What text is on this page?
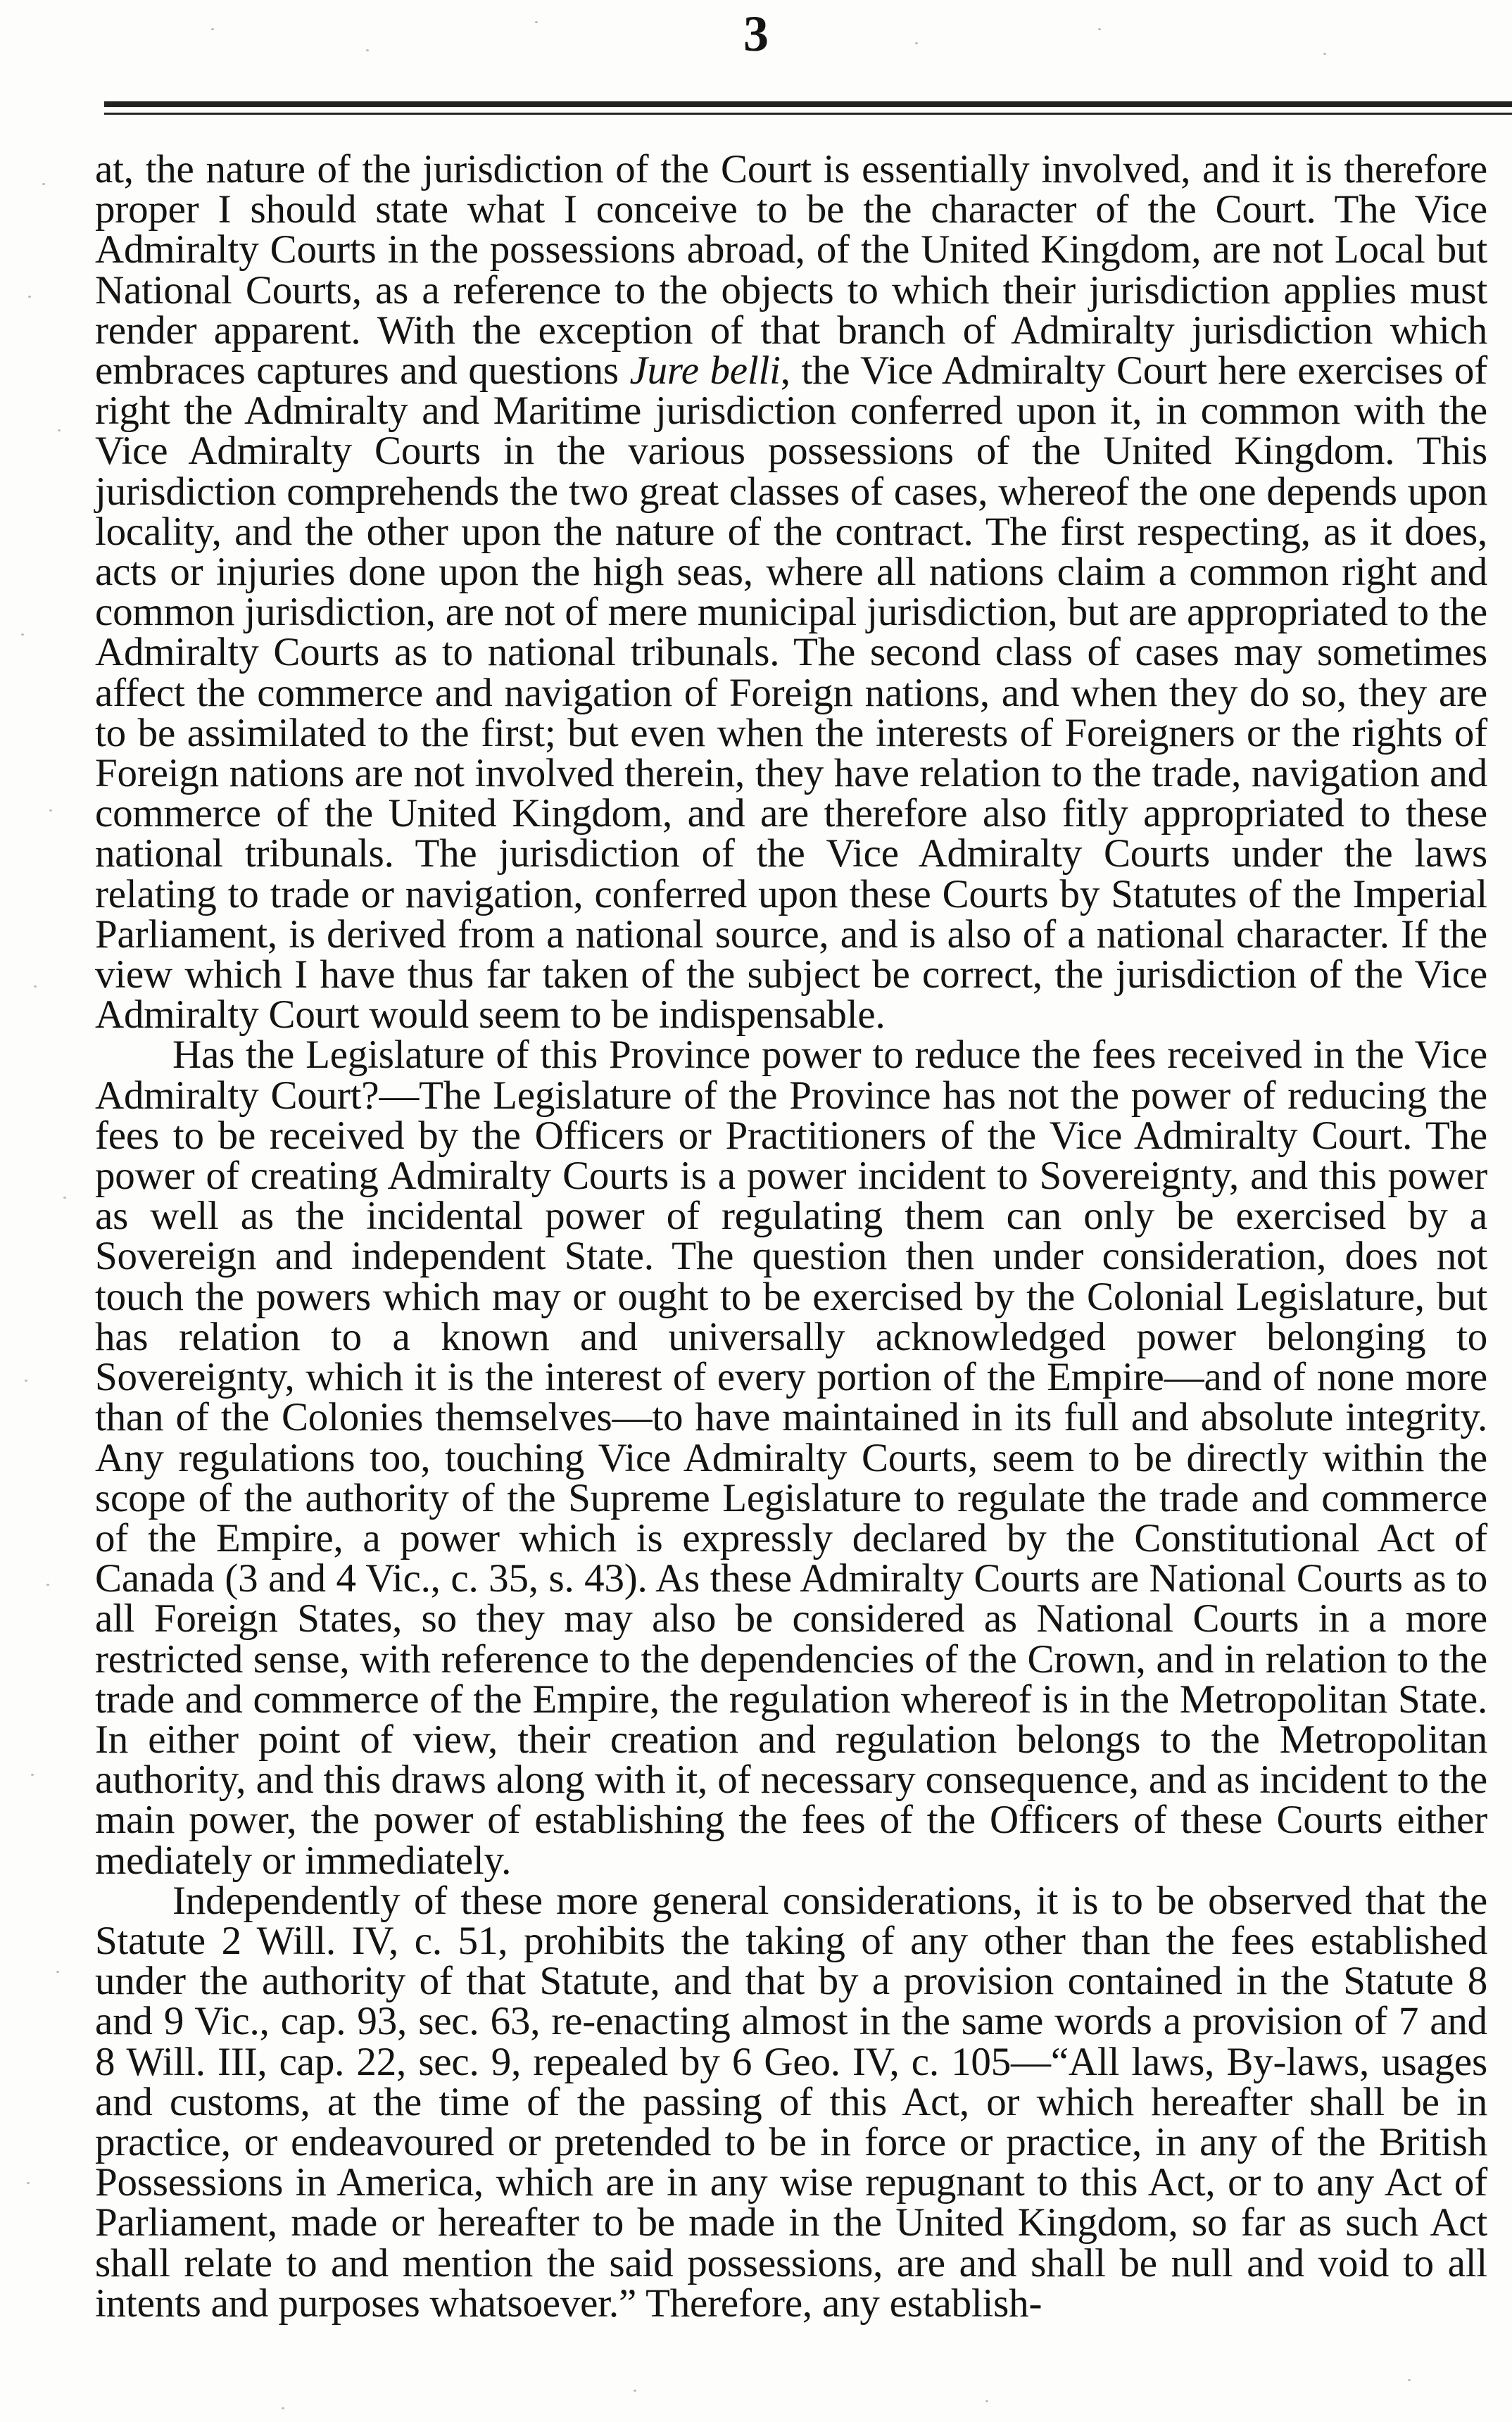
3

at, the nature of the jurisdiction of the Court is essentially involved, and it is therefore proper I should state what I conceive to be the character of the Court. The Vice Admiralty Courts in the possessions abroad, of the United Kingdom, are not Local but National Courts, as a reference to the objects to which their jurisdiction applies must render apparent. With the exception of that branch of Admiralty jurisdiction which embraces captures and questions Jure belli, the Vice Admiralty Court here exercises of right the Admiralty and Maritime jurisdiction conferred upon it, in common with the Vice Admiralty Courts in the various possessions of the United Kingdom. This jurisdiction comprehends the two great classes of cases, whereof the one depends upon locality, and the other upon the nature of the contract. The first respecting, as it does, acts or injuries done upon the high seas, where all nations claim a common right and common jurisdiction, are not of mere municipal jurisdiction, but are appropriated to the Admiralty Courts as to national tribunals. The second class of cases may sometimes affect the commerce and navigation of Foreign nations, and when they do so, they are to be assimilated to the first; but even when the interests of Foreigners or the rights of Foreign nations are not involved therein, they have relation to the trade, navigation and commerce of the United Kingdom, and are therefore also fitly appropriated to these national tribunals. The jurisdiction of the Vice Admiralty Courts under the laws relating to trade or navigation, conferred upon these Courts by Statutes of the Imperial Parliament, is derived from a national source, and is also of a national character. If the view which I have thus far taken of the subject be correct, the jurisdiction of the Vice Admiralty Court would seem to be indispensable.

Has the Legislature of this Province power to reduce the fees received in the Vice Admiralty Court?—The Legislature of the Province has not the power of reducing the fees to be received by the Officers or Practitioners of the Vice Admiralty Court. The power of creating Admiralty Courts is a power incident to Sovereignty, and this power as well as the incidental power of regulating them can only be exercised by a Sovereign and independent State. The question then under consideration, does not touch the powers which may or ought to be exercised by the Colonial Legislature, but has relation to a known and universally acknowledged power belonging to Sovereignty, which it is the interest of every portion of the Empire—and of none more than of the Colonies themselves—to have maintained in its full and absolute integrity. Any regulations too, touching Vice Admiralty Courts, seem to be directly within the scope of the authority of the Supreme Legislature to regulate the trade and commerce of the Empire, a power which is expressly declared by the Constitutional Act of Canada (3 and 4 Vic., c. 35, s. 43). As these Admiralty Courts are National Courts as to all Foreign States, so they may also be considered as National Courts in a more restricted sense, with reference to the dependencies of the Crown, and in relation to the trade and commerce of the Empire, the regulation whereof is in the Metropolitan State. In either point of view, their creation and regulation belongs to the Metropolitan authority, and this draws along with it, of necessary consequence, and as incident to the main power, the power of establishing the fees of the Officers of these Courts either mediately or immediately.

Independently of these more general considerations, it is to be observed that the Statute 2 Will. IV, c. 51, prohibits the taking of any other than the fees established under the authority of that Statute, and that by a provision contained in the Statute 8 and 9 Vic., cap. 93, sec. 63, re-enacting almost in the same words a provision of 7 and 8 Will. III, cap. 22, sec. 9, repealed by 6 Geo. IV, c. 105—“All laws, By-laws, usages and customs, at the time of the passing of this Act, or which hereafter shall be in practice, or endeavoured or pretended to be in force or practice, in any of the British Possessions in America, which are in any wise repugnant to this Act, or to any Act of Parliament, made or hereafter to be made in the United Kingdom, so far as such Act shall relate to and mention the said possessions, are and shall be null and void to all intents and purposes whatsoever.” Therefore, any establish-
